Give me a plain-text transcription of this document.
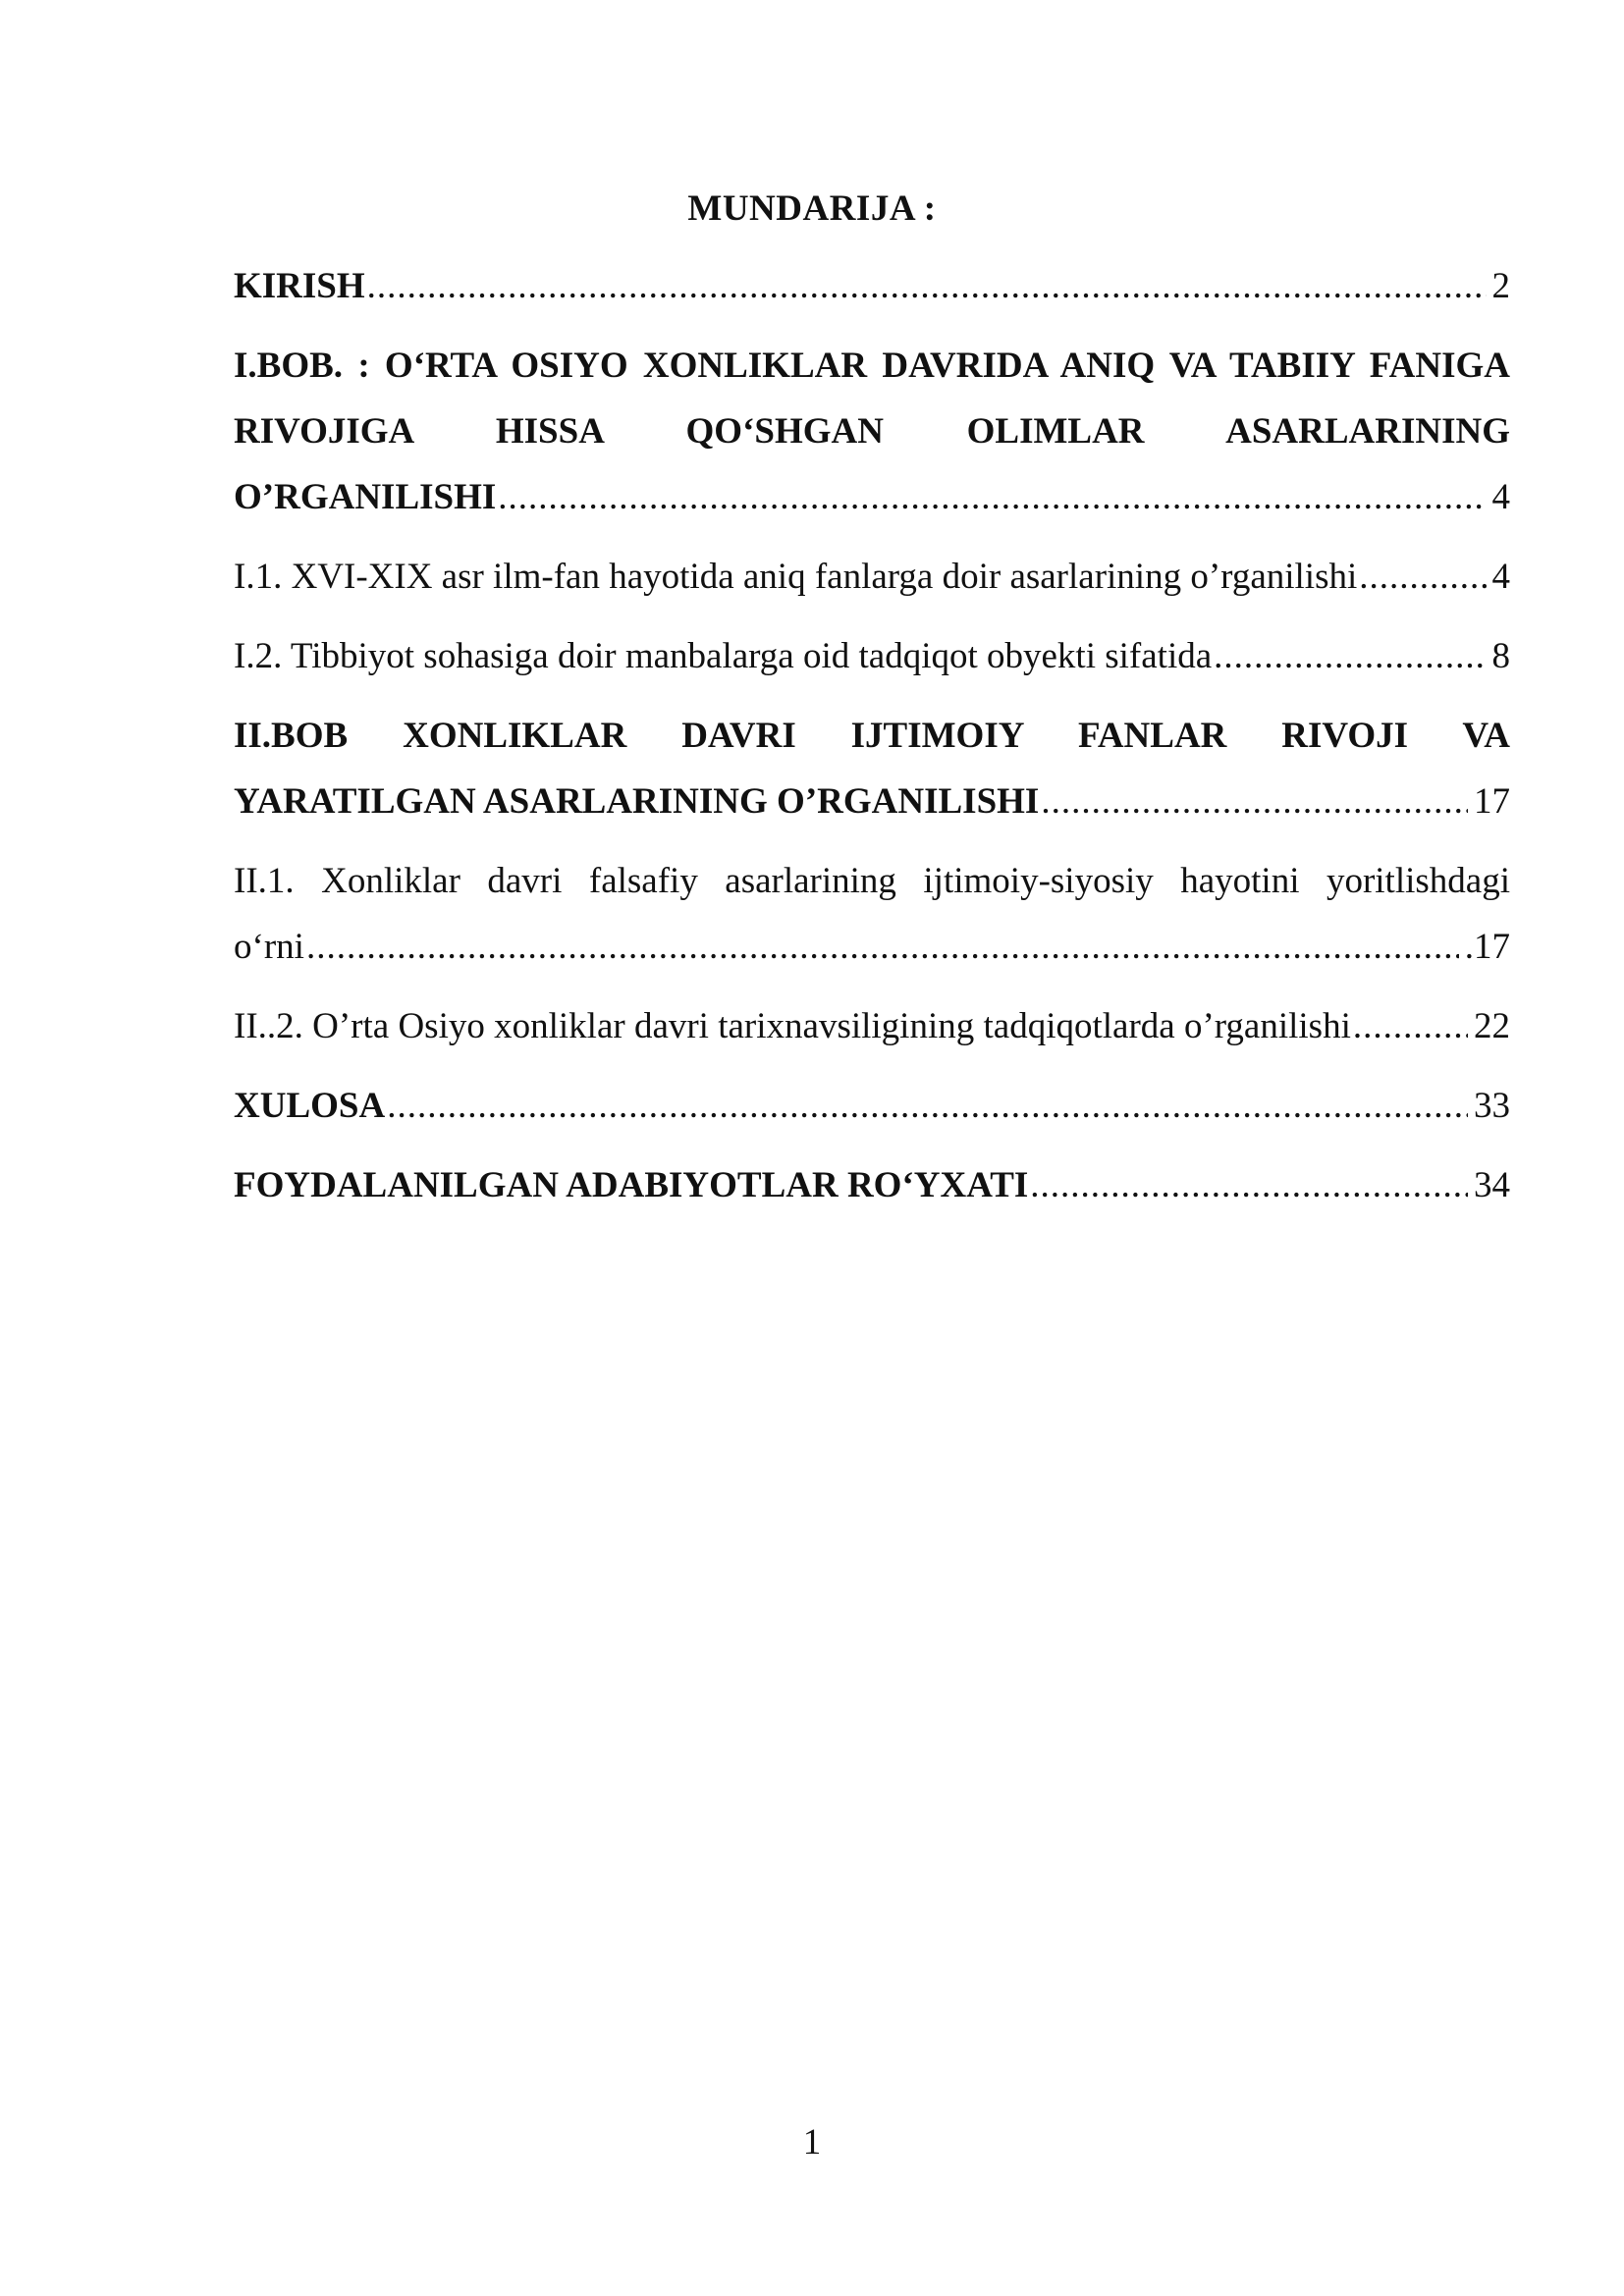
MUNDARIJA :
KIRISH .....	2
I.BOB. : O‘RTA OSIYO XONLIKLAR DAVRIDA ANIQ VA TABIIY FANIGA
RIVOJIGA HISSA QO‘SHGAN OLIMLAR ASARLARINING
O’RGANILISHI .....	4
I.1. XVI-XIX asr ilm-fan hayotida aniq fanlarga doir asarlarining o’rganilishi .....	4
I.2. Tibbiyot sohasiga doir manbalarga oid tadqiqot obyekti sifatida .....	8
II.BOB XONLIKLAR DAVRI IJTIMOIY FANLAR RIVOJI VA
YARATILGAN ASARLARINING O’RGANILISHI .....	17
II.1. Xonliklar davri falsafiy asarlarining ijtimoiy-siyosiy hayotini yoritlishdagi
o‘rni .....	.17
II..2. O’rta Osiyo xonliklar davri tarixnavsiligining tadqiqotlarda o’rganilishi .....	22
XULOSA .....	33
FOYDALANILGAN ADABIYOTLAR RO‘YXATI .....	34
1
